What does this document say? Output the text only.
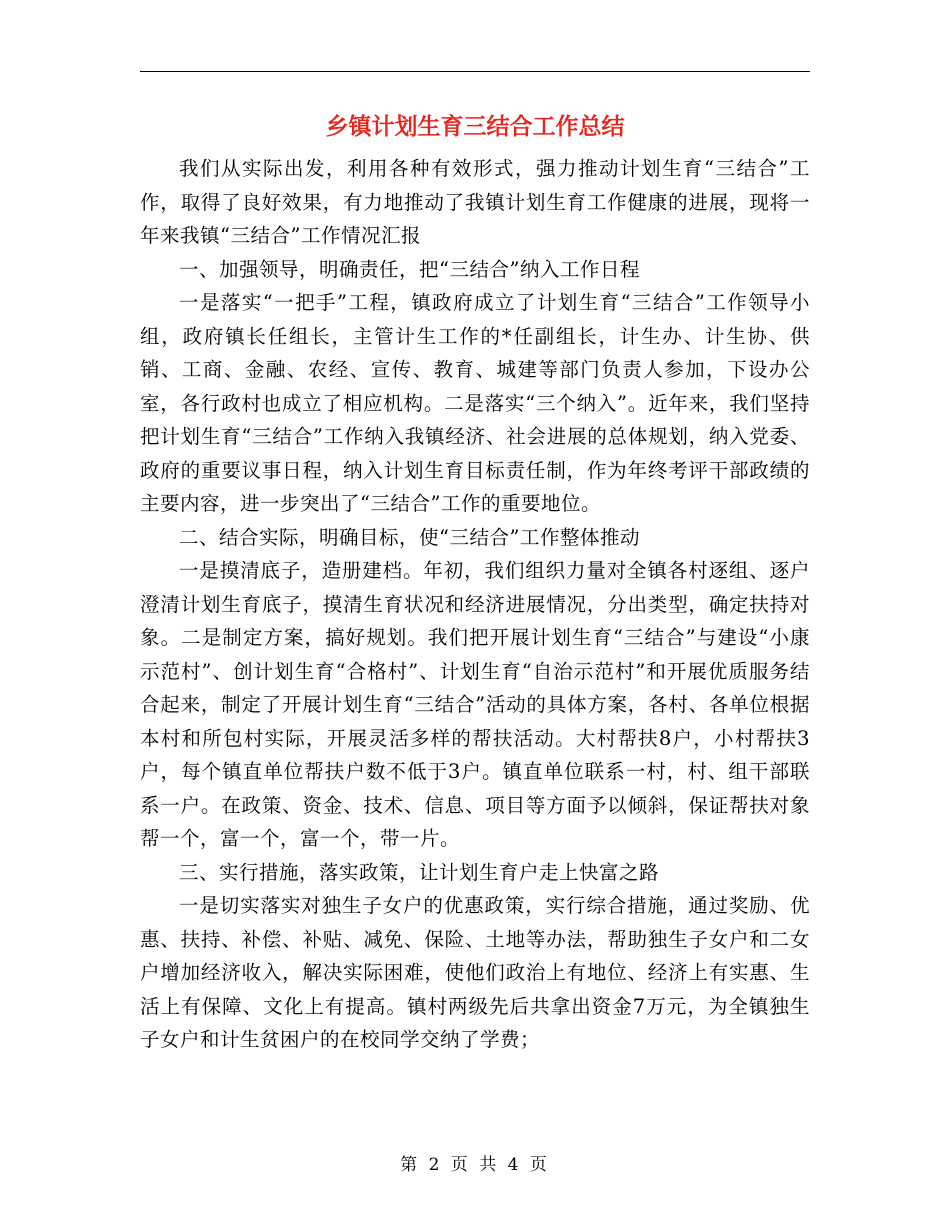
乡镇计划生育三结合工作总结

我们从实际出发，利用各种有效形式，强力推动计划生育“三结合”工作，取得了良好效果，有力地推动了我镇计划生育工作健康的进展，现将一年来我镇“三结合”工作情况汇报

一、加强领导，明确责任，把“三结合”纳入工作日程

一是落实“一把手”工程，镇政府成立了计划生育“三结合”工作领导小组，政府镇长任组长，主管计生工作的*任副组长，计生办、计生协、供销、工商、金融、农经、宣传、教育、城建等部门负责人参加，下设办公室，各行政村也成立了相应机构。二是落实“三个纳入”。近年来，我们坚持把计划生育“三结合”工作纳入我镇经济、社会进展的总体规划，纳入党委、政府的重要议事日程，纳入计划生育目标责任制，作为年终考评干部政绩的主要内容，进一步突出了“三结合”工作的重要地位。

二、结合实际，明确目标，使“三结合”工作整体推动

一是摸清底子，造册建档。年初，我们组织力量对全镇各村逐组、逐户澄清计划生育底子，摸清生育状况和经济进展情况，分出类型，确定扶持对象。二是制定方案，搞好规划。我们把开展计划生育“三结合”与建设“小康示范村”、创计划生育“合格村”、计划生育“自治示范村”和开展优质服务结合起来，制定了开展计划生育“三结合”活动的具体方案，各村、各单位根据本村和所包村实际，开展灵活多样的帮扶活动。大村帮扶8户，小村帮扶3户，每个镇直单位帮扶户数不低于3户。镇直单位联系一村，村、组干部联系一户。在政策、资金、技术、信息、项目等方面予以倾斜，保证帮扶对象帮一个，富一个，富一个，带一片。

三、实行措施，落实政策，让计划生育户走上快富之路

一是切实落实对独生子女户的优惠政策，实行综合措施，通过奖励、优惠、扶持、补偿、补贴、减免、保险、土地等办法，帮助独生子女户和二女户增加经济收入，解决实际困难，使他们政治上有地位、经济上有实惠、生活上有保障、文化上有提高。镇村两级先后共拿出资金7万元，为全镇独生子女户和计生贫困户的在校同学交纳了学费；

第 2 页 共 4 页
